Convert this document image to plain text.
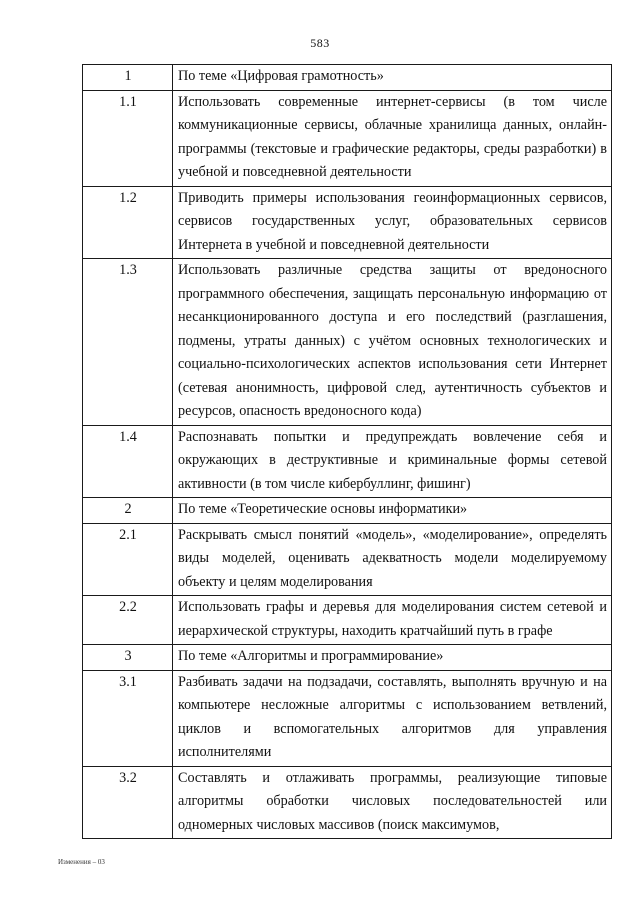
583
1	По теме «Цифровая грамотность»
1.1	Использовать современные интернет-сервисы (в том числе коммуникационные сервисы, облачные хранилища данных, онлайн-программы (текстовые и графические редакторы, среды разработки) в учебной и повседневной деятельности
1.2	Приводить примеры использования геоинформационных сервисов, сервисов государственных услуг, образовательных сервисов Интернета в учебной и повседневной деятельности
1.3	Использовать различные средства защиты от вредоносного программного обеспечения, защищать персональную информацию от несанкционированного доступа и его последствий (разглашения, подмены, утраты данных) с учётом основных технологических и социально-психологических аспектов использования сети Интернет (сетевая анонимность, цифровой след, аутентичность субъектов и ресурсов, опасность вредоносного кода)
1.4	Распознавать попытки и предупреждать вовлечение себя и окружающих в деструктивные и криминальные формы сетевой активности (в том числе кибербуллинг, фишинг)
2	По теме «Теоретические основы информатики»
2.1	Раскрывать смысл понятий «модель», «моделирование», определять виды моделей, оценивать адекватность модели моделируемому объекту и целям моделирования
2.2	Использовать графы и деревья для моделирования систем сетевой и иерархической структуры, находить кратчайший путь в графе
3	По теме «Алгоритмы и программирование»
3.1	Разбивать задачи на подзадачи, составлять, выполнять вручную и на компьютере несложные алгоритмы с использованием ветвлений, циклов и вспомогательных алгоритмов для управления исполнителями
3.2	Составлять и отлаживать программы, реализующие типовые алгоритмы обработки числовых последовательностей или одномерных числовых массивов (поиск максимумов,
Изменения – 03
